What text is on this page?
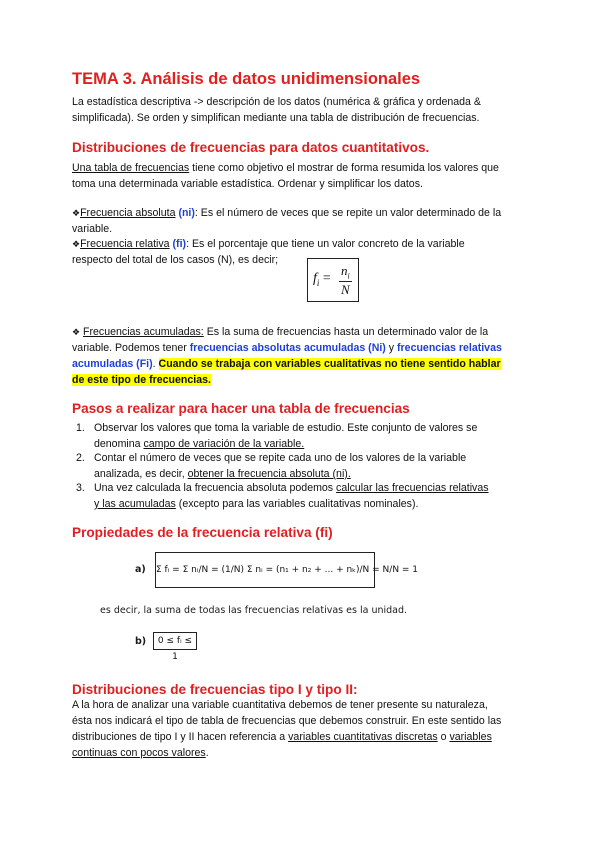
TEMA 3. Análisis de datos unidimensionales
La estadística descriptiva -> descripción de los datos (numérica & gráfica y ordenada &
simplificada). Se orden y simplifican mediante una tabla de distribución de frecuencias.
Distribuciones de frecuencias para datos cuantitativos.
Una tabla de frecuencias tiene como objetivo el mostrar de forma resumida los valores que
toma una determinada variable estadística. Ordenar y simplificar los datos.
❖Frecuencia absoluta (ni): Es el número de veces que se repite un valor determinado de la
variable.
❖Frecuencia relativa (fi): Es el porcentaje que tiene un valor concreto de la variable
respecto del total de los casos (N), es decir;
$f_i = \frac{n_i}{N}$
❖ Frecuencias acumuladas: Es la suma de frecuencias hasta un determinado valor de la
variable. Podemos tener frecuencias absolutas acumuladas (Ni) y frecuencias relativas
acumuladas (Fi). Cuando se trabaja con variables cualitativas no tiene sentido hablar
de este tipo de frecuencias.
Pasos a realizar para hacer una tabla de frecuencias
1. Observar los valores que toma la variable de estudio. Este conjunto de valores se
denomina campo de variación de la variable.
2. Contar el número de veces que se repite cada uno de los valores de la variable
analizada, es decir, obtener la frecuencia absoluta (ni).
3. Una vez calculada la frecuencia absoluta podemos calcular las frecuencias relativas
y las acumuladas (excepto para las variables cualitativas nominales).
Propiedades de la frecuencia relativa (fi)
a) Σ fᵢ = Σ nᵢ/N = (1/N) Σ nᵢ = (n₁ + n₂ + ... + nₖ)/N = N/N = 1
es decir, la suma de todas las frecuencias relativas es la unidad.
b)	0 ≤ fᵢ ≤ 1
Distribuciones de frecuencias tipo I y tipo II:
A la hora de analizar una variable cuantitativa debemos de tener presente su naturaleza,
ésta nos indicará el tipo de tabla de frecuencias que debemos construir. En este sentido las
distribuciones de tipo I y II hacen referencia a variables cuantitativas discretas o variables
continuas con pocos valores.
